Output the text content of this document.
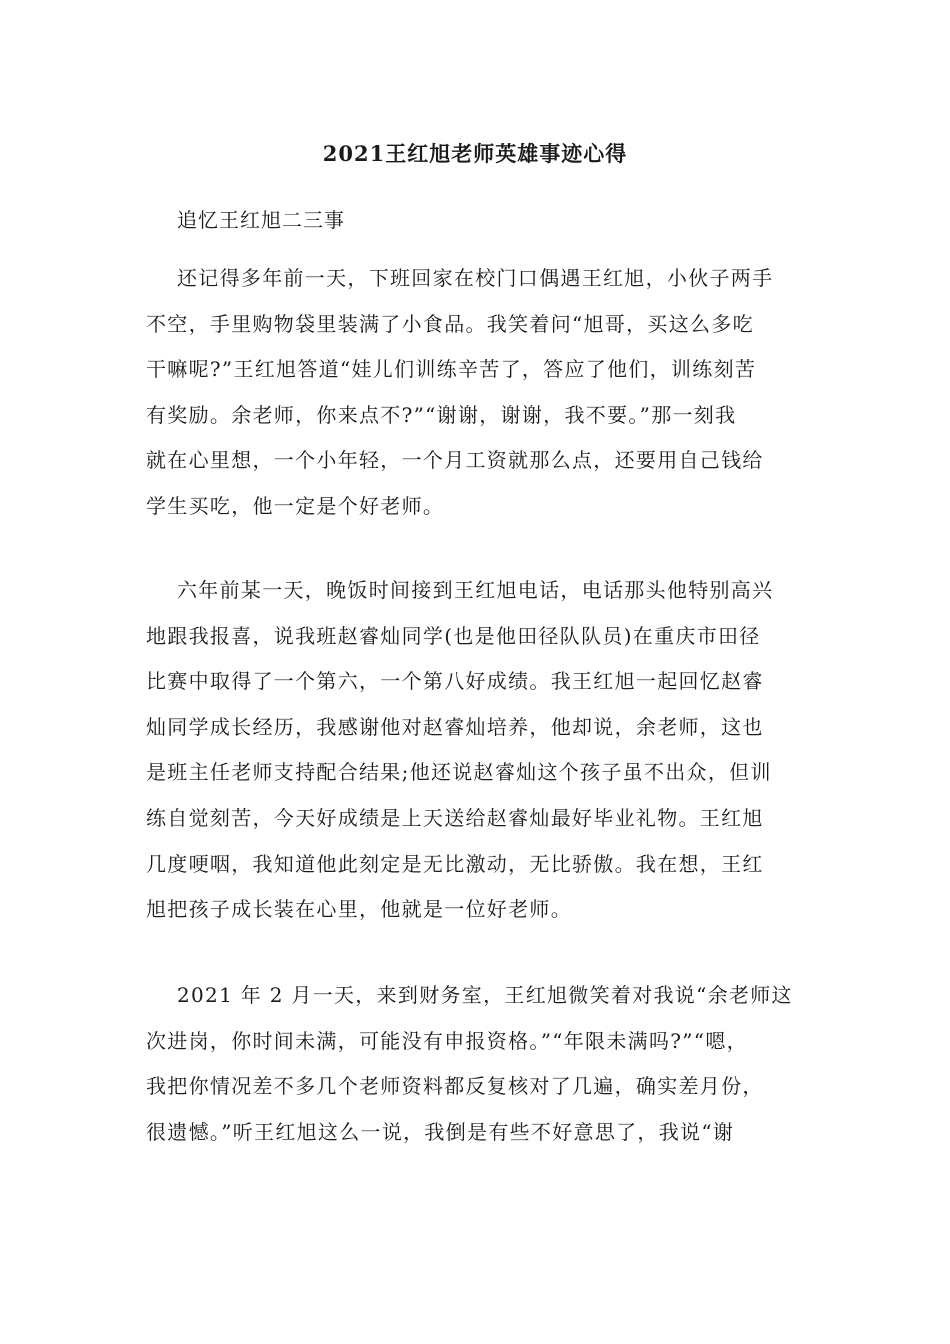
2021王红旭老师英雄事迹心得

追忆王红旭二三事

还记得多年前一天，下班回家在校门口偶遇王红旭，小伙子两手
不空，手里购物袋里装满了小食品。我笑着问“旭哥，买这么多吃
干嘛呢?”王红旭答道“娃儿们训练辛苦了，答应了他们，训练刻苦
有奖励。余老师，你来点不?”“谢谢，谢谢，我不要。”那一刻我
就在心里想，一个小年轻，一个月工资就那么点，还要用自己钱给
学生买吃，他一定是个好老师。
六年前某一天，晚饭时间接到王红旭电话，电话那头他特别高兴
地跟我报喜，说我班赵睿灿同学(也是他田径队队员)在重庆市田径
比赛中取得了一个第六，一个第八好成绩。我王红旭一起回忆赵睿
灿同学成长经历，我感谢他对赵睿灿培养，他却说，余老师，这也
是班主任老师支持配合结果;他还说赵睿灿这个孩子虽不出众，但训
练自觉刻苦，今天好成绩是上天送给赵睿灿最好毕业礼物。王红旭
几度哽咽，我知道他此刻定是无比激动，无比骄傲。我在想，王红
旭把孩子成长装在心里，他就是一位好老师。
2021 年 2 月一天，来到财务室，王红旭微笑着对我说“余老师这
次进岗，你时间未满，可能没有申报资格。”“年限未满吗?”“嗯，
我把你情况差不多几个老师资料都反复核对了几遍，确实差月份，
很遗憾。”听王红旭这么一说，我倒是有些不好意思了，我说“谢
